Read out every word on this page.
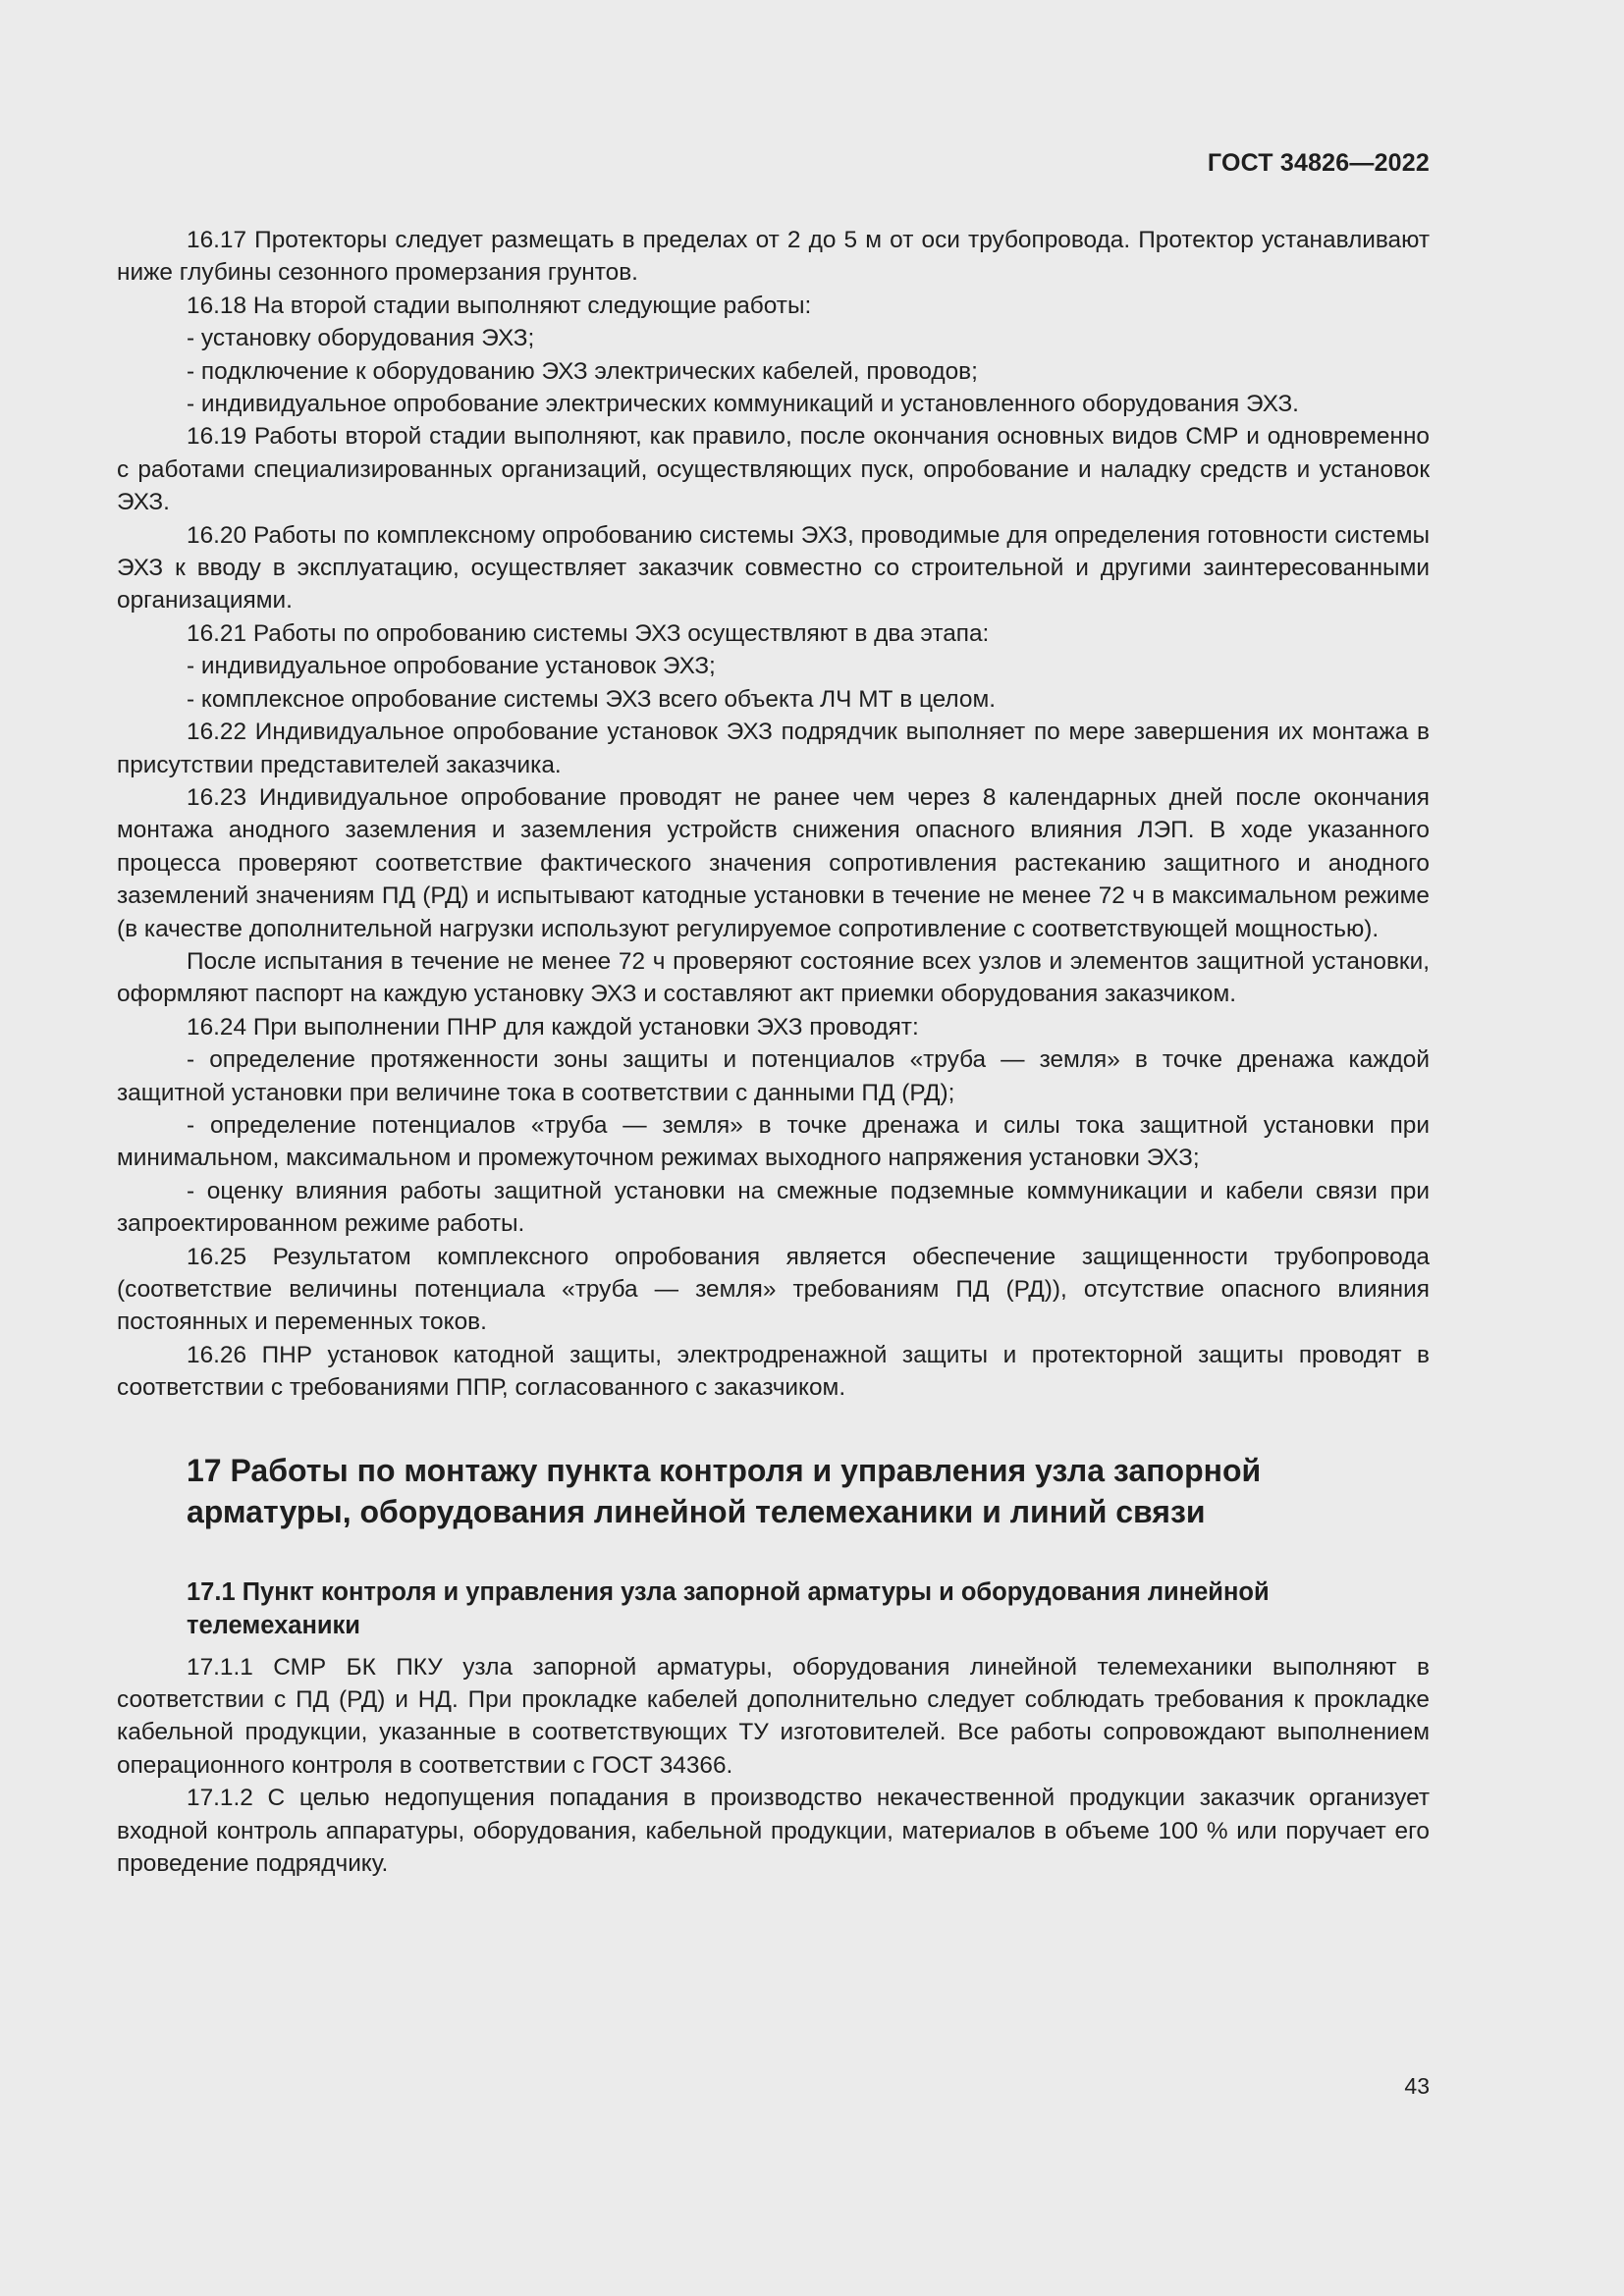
ГОСТ 34826—2022

16.17 Протекторы следует размещать в пределах от 2 до 5 м от оси трубопровода. Протектор устанавливают ниже глубины сезонного промерзания грунтов.

16.18 На второй стадии выполняют следующие работы:

- установку оборудования ЭХЗ;

- подключение к оборудованию ЭХЗ электрических кабелей, проводов;

- индивидуальное опробование электрических коммуникаций и установленного оборудования ЭХЗ.

16.19 Работы второй стадии выполняют, как правило, после окончания основных видов СМР и одновременно с работами специализированных организаций, осуществляющих пуск, опробование и наладку средств и установок ЭХЗ.

16.20 Работы по комплексному опробованию системы ЭХЗ, проводимые для определения готовности системы ЭХЗ к вводу в эксплуатацию, осуществляет заказчик совместно со строительной и другими заинтересованными организациями.

16.21 Работы по опробованию системы ЭХЗ осуществляют в два этапа:

- индивидуальное опробование установок ЭХЗ;

- комплексное опробование системы ЭХЗ всего объекта ЛЧ МТ в целом.

16.22 Индивидуальное опробование установок ЭХЗ подрядчик выполняет по мере завершения их монтажа в присутствии представителей заказчика.

16.23 Индивидуальное опробование проводят не ранее чем через 8 календарных дней после окончания монтажа анодного заземления и заземления устройств снижения опасного влияния ЛЭП. В ходе указанного процесса проверяют соответствие фактического значения сопротивления растеканию защитного и анодного заземлений значениям ПД (РД) и испытывают катодные установки в течение не менее 72 ч в максимальном режиме (в качестве дополнительной нагрузки используют регулируемое сопротивление с соответствующей мощностью).

После испытания в течение не менее 72 ч проверяют состояние всех узлов и элементов защитной установки, оформляют паспорт на каждую установку ЭХЗ и составляют акт приемки оборудования заказчиком.

16.24 При выполнении ПНР для каждой установки ЭХЗ проводят:

- определение протяженности зоны защиты и потенциалов «труба — земля» в точке дренажа каждой защитной установки при величине тока в соответствии с данными ПД (РД);

- определение потенциалов «труба — земля» в точке дренажа и силы тока защитной установки при минимальном, максимальном и промежуточном режимах выходного напряжения установки ЭХЗ;

- оценку влияния работы защитной установки на смежные подземные коммуникации и кабели связи при запроектированном режиме работы.

16.25 Результатом комплексного опробования является обеспечение защищенности трубопровода (соответствие величины потенциала «труба — земля» требованиям ПД (РД)), отсутствие опасного влияния постоянных и переменных токов.

16.26 ПНР установок катодной защиты, электродренажной защиты и протекторной защиты проводят в соответствии с требованиями ППР, согласованного с заказчиком.

17 Работы по монтажу пункта контроля и управления узла запорной арматуры, оборудования линейной телемеханики и линий связи
17.1 Пункт контроля и управления узла запорной арматуры и оборудования линейной телемеханики

17.1.1 СМР БК ПКУ узла запорной арматуры, оборудования линейной телемеханики выполняют в соответствии с ПД (РД) и НД. При прокладке кабелей дополнительно следует соблюдать требования к прокладке кабельной продукции, указанные в соответствующих ТУ изготовителей. Все работы сопровождают выполнением операционного контроля в соответствии с ГОСТ 34366.

17.1.2 С целью недопущения попадания в производство некачественной продукции заказчик организует входной контроль аппаратуры, оборудования, кабельной продукции, материалов в объеме 100 % или поручает его проведение подрядчику.

43
